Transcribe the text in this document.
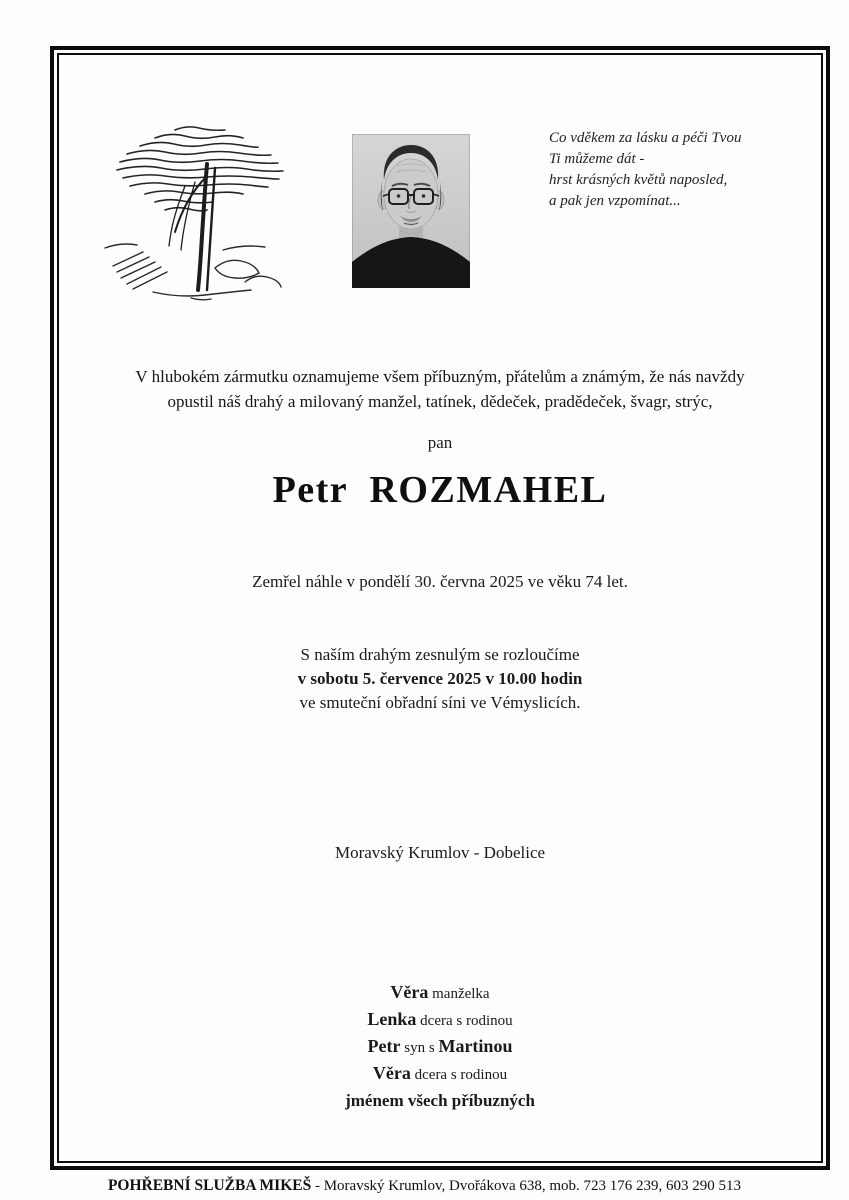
Co vděkem za lásku a péči Tvou
Ti můžeme dát -
hrst krásných květů naposled,
a pak jen vzpomínat...
V hlubokém zármutku oznamujeme všem příbuzným, přátelům a známým, že nás navždy
opustil náš drahý a milovaný manžel, tatínek, dědeček, pradědeček, švagr, strýc,
pan
Petr  ROZMAHEL
Zemřel náhle v pondělí 30. června 2025 ve věku 74 let.
S naším drahým zesnulým se rozloučíme
v sobotu 5. července 2025 v 10.00 hodin
ve smuteční obřadní síni ve Vémyslicích.
Moravský Krumlov - Dobelice
Věra manželka
Lenka dcera s rodinou
Petr syn s Martinou
Věra dcera s rodinou
jménem všech příbuzných
POHŘEBNÍ SLUŽBA MIKEŠ - Moravský Krumlov, Dvořákova 638, mob. 723 176 239, 603 290 513
